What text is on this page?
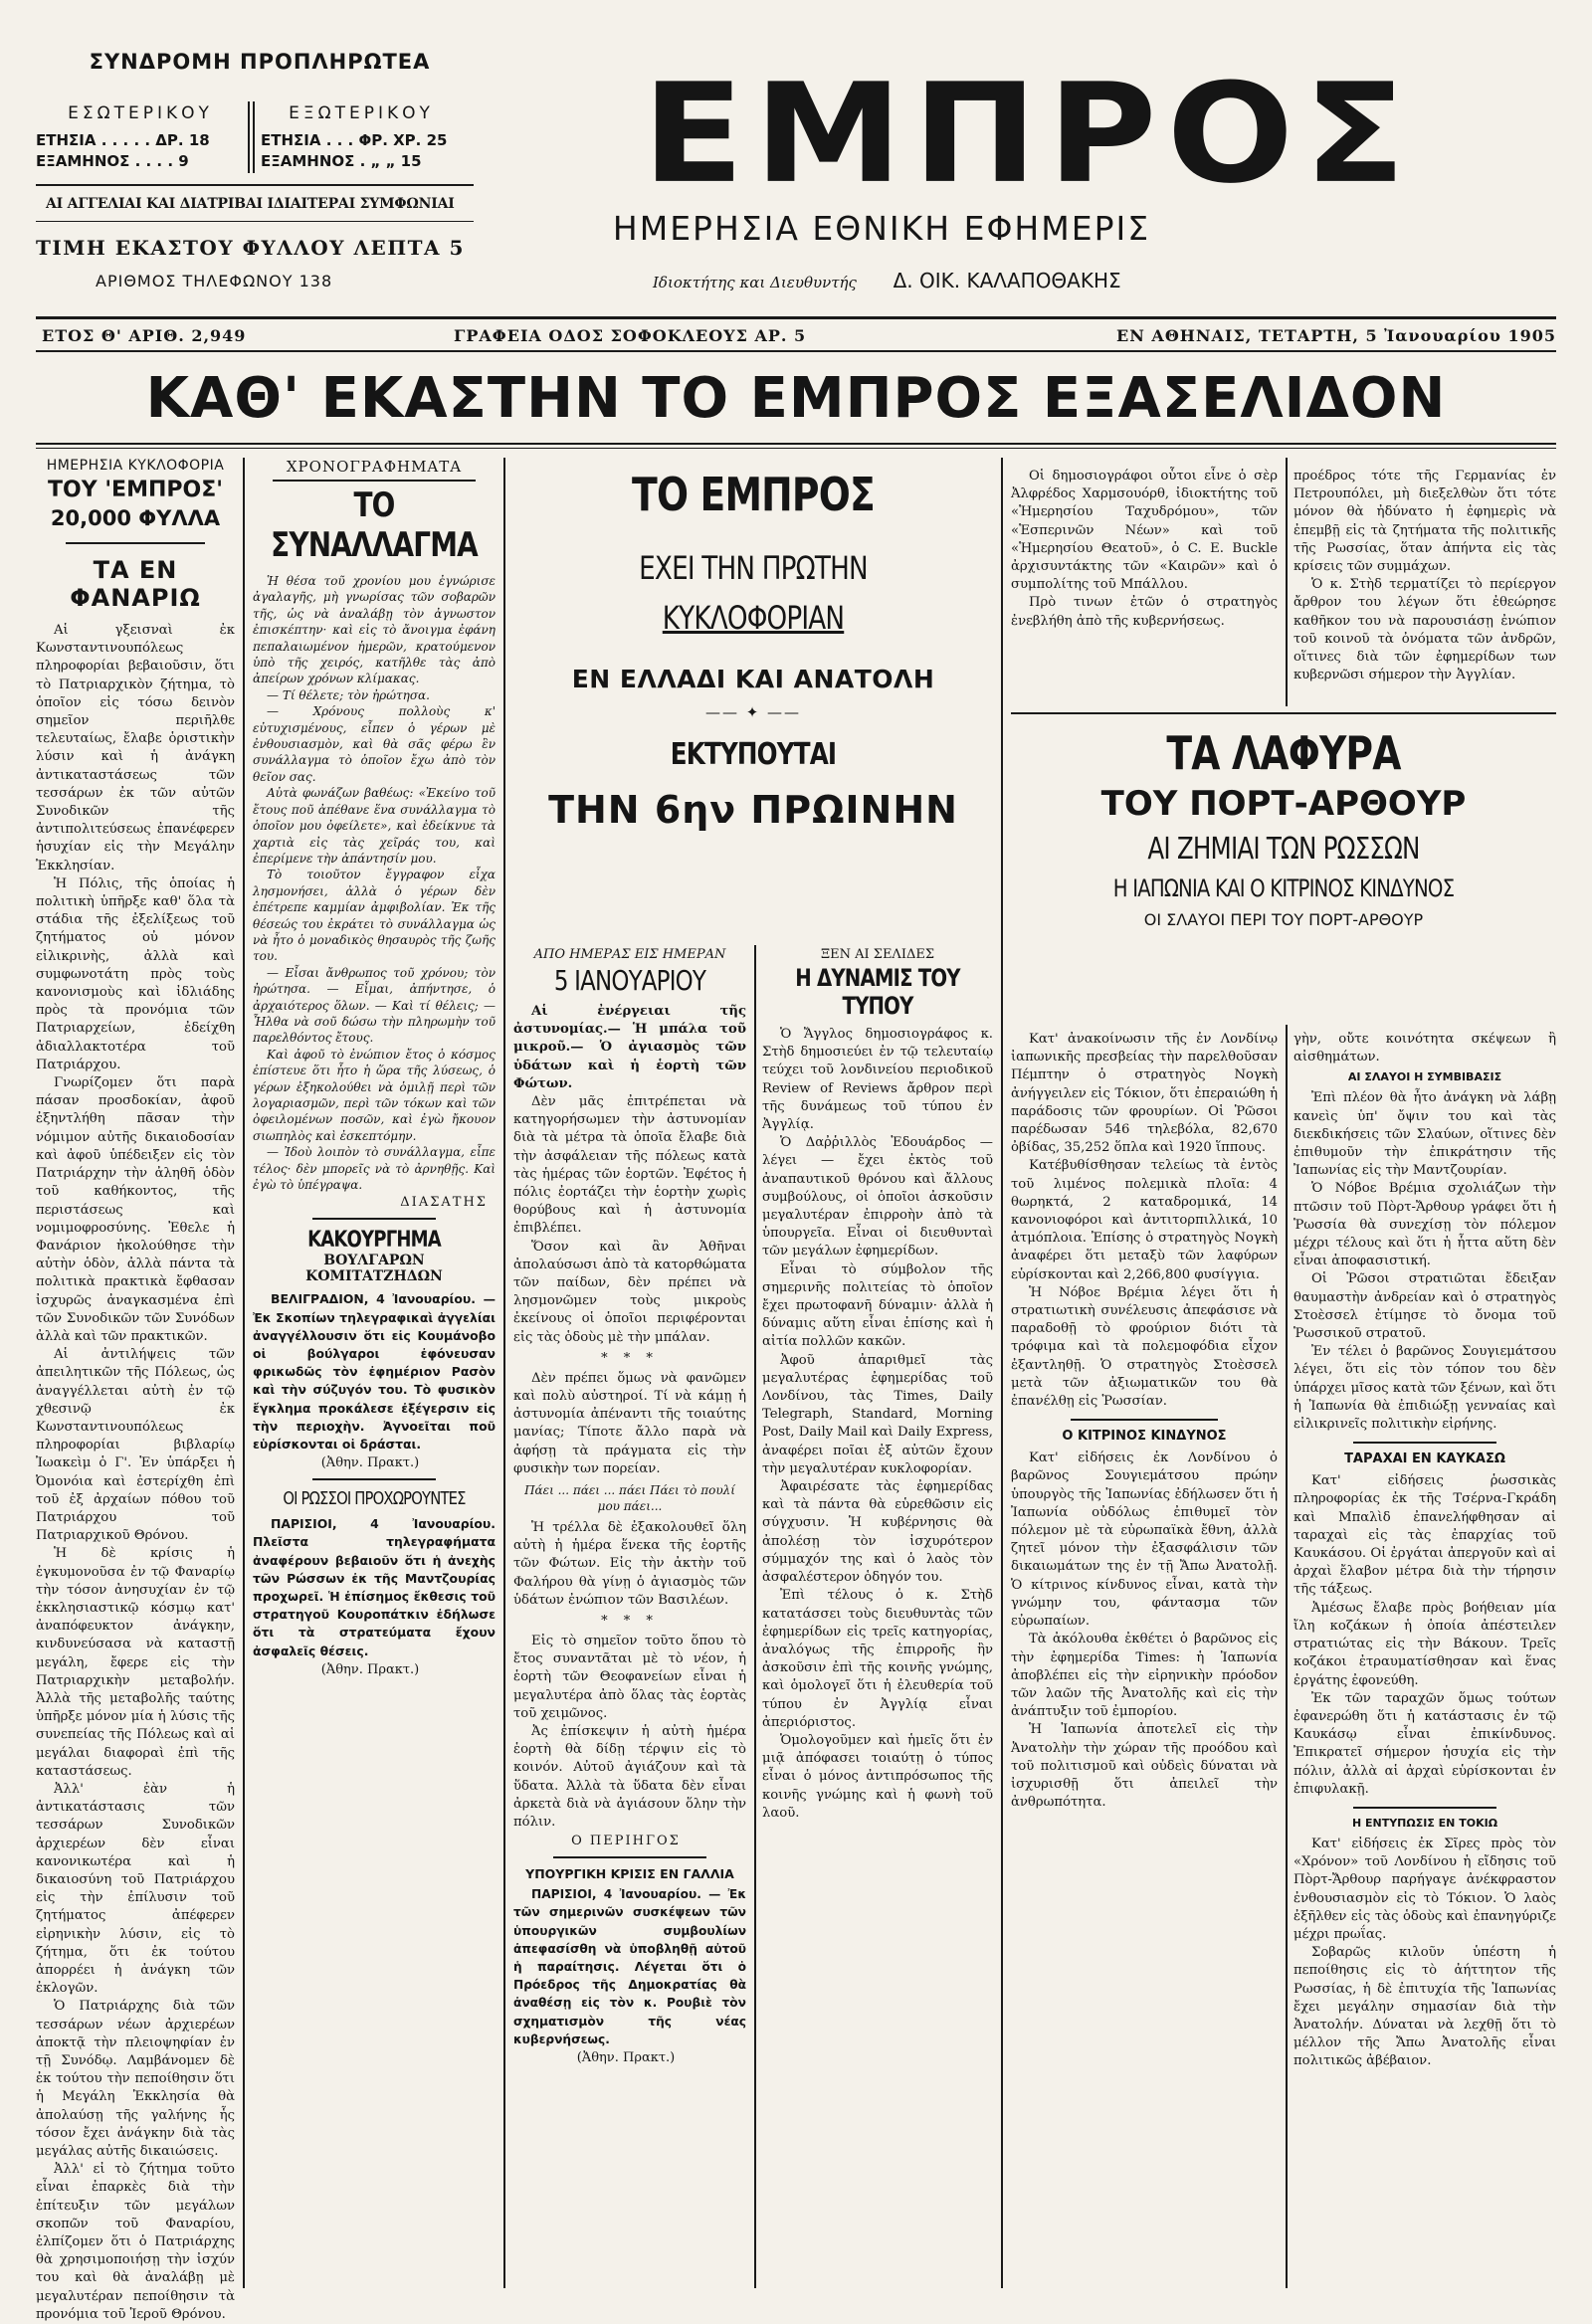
ΣΥΝΔΡΟΜΗ ΠΡΟΠΛΗΡΩΤΕΑ
ΕΣΩΤΕΡΙΚΟΥ	ΕΞΩΤΕΡΙΚΟΥ
ΕΤΗΣΙΑ . . . . . ΔΡ. 18
ΕΞΑΜΗΝΟΣ . . . . 9
ΕΤΗΣΙΑ . . . ΦΡ. ΧΡ. 25
ΕΞΑΜΗΝΟΣ . „ „ 15
ΑΙ ΑΓΓΕΛΙΑΙ ΚΑΙ ΔΙΑΤΡΙΒΑΙ ΙΔΙΑΙΤΕΡΑΙ ΣΥΜΦΩΝΙΑΙ
ΤΙΜΗ ΕΚΑΣΤΟΥ ΦΥΛΛΟΥ ΛΕΠΤΑ 5
ΑΡΙΘΜΟΣ ΤΗΛΕΦΩΝΟΥ 138
ΕΜΠΡΟΣ
ΗΜΕΡΗΣΙΑ ΕΘΝΙΚΗ ΕΦΗΜΕΡΙΣ
Ιδιοκτήτης και Διευθυντής Δ. ΟΙΚ. ΚΑΛΑΠΟΘΑΚΗΣ
ΕΤΟΣ Θ' ΑΡΙΘ. 2,949	ΓΡΑΦΕΙΑ ΟΔΟΣ ΣΟΦΟΚΛΕΟΥΣ ΑΡ. 5	ΕΝ ΑΘΗΝΑΙΣ, ΤΕΤΑΡΤΗ, 5 Ἰανουαρίου 1905
ΚΑΘ' ΕΚΑΣΤΗΝ ΤΟ ΕΜΠΡΟΣ ΕΞΑΣΕΛΙΔΟΝ
ΗΜΕΡΗΣΙΑ ΚΥΚΛΟΦΟΡΙΑ
ΤΟΥ 'ΕΜΠΡΟΣ'
20,000 ΦΥΛΛΑ
ΤΑ ΕΝ ΦΑΝΑΡΙΩ

Αἱ γξεισναὶ ἐκ Κωνσταντινουπόλεως πληροφορίαι βεβαιοῦσιν, ὅτι τὸ Πατριαρχικὸν ζήτημα, τὸ ὁποῖον εἰς τόσω δεινὸν σημεῖον περιῆλθε τελευταίως, ἔλαβε ὁριστικὴν λύσιν καὶ ἡ ἀνάγκη ἀντικαταστάσεως τῶν τεσσάρων ἐκ τῶν αὐτῶν Συνοδικῶν τῆς ἀντιπολιτεύσεως ἐπανέφερεν ἡσυχίαν εἰς τὴν Μεγάλην Ἐκκλησίαν.

Ἡ Πόλις, τῆς ὁποίας ἡ πολιτικὴ ὑπῆρξε καθ' ὅλα τὰ στάδια τῆς ἐξελίξεως τοῦ ζητήματος οὐ μόνον εἰλικρινὴς, ἀλλὰ καὶ συμφωνοτάτη πρὸς τοὺς κανονισμοὺς καὶ ἰδλιάδης πρὸς τὰ προνόμια τῶν Πατριαρχείων, ἐδείχθη ἀδιαλλακτοτέρα τοῦ Πατριάρχου.

Γνωρίζομεν ὅτι παρὰ πάσαν προσδοκίαν, ἀφοῦ ἐξηντλήθη πᾶσαν τὴν νόμιμον αὐτῆς δικαιοδοσίαν καὶ ἀφοῦ ὑπέδειξεν εἰς τὸν Πατριάρχην τὴν ἀληθῆ ὁδὸν τοῦ καθήκοντος, τῆς περιστάσεως καὶ νομιμοφροσύνης. Ἐθελε ἡ Φανάριον ἠκολούθησε τὴν αὐτὴν ὁδὸν, ἀλλὰ πάντα τὰ πολιτικὰ πρακτικὰ ἔφθασαν ἰσχυρῶς ἀναγκασμένα ἐπὶ τῶν Συνοδικῶν τῶν Συνόδων ἀλλὰ καὶ τῶν πρακτικῶν.

Αἱ ἀντιλήψεις τῶν ἀπειλητικῶν τῆς Πόλεως, ὡς ἀναγγέλλεται αὐτὴ ἐν τῷ χθεσινῷ ἐκ Κωνσταντινουπόλεως πληροφορίαι βιβλαρίῳ Ἰωακεὶμ ὁ Γ'. Ἐν ὑπάρξει ἡ Ὀμονόια καὶ ἐστερίχθη ἐπὶ τοῦ ἐξ ἀρχαίων πόθου τοῦ Πατριάρχου τοῦ Πατριαρχικοῦ Θρόνου.

Ἡ δὲ κρίσις ἡ ἐγκυμονοῦσα ἐν τῷ Φαναρίῳ τὴν τόσον ἀνησυχίαν ἐν τῷ ἐκκλησιαστικῷ κόσμῳ κατ' ἀναπόφευκτον ἀνάγκην, κινδυνεύσασα νὰ καταστῇ μεγάλη, ἔφερε εἰς τὴν Πατριαρχικὴν μεταβολήν. Ἀλλὰ τῆς μεταβολῆς ταύτης ὑπῆρξε μόνον μία ἡ λύσις τῆς συνεπείας τῆς Πόλεως καὶ αἱ μεγάλαι διαφοραὶ ἐπὶ τῆς καταστάσεως.

Ἀλλ' ἐὰν ἡ ἀντικατάστασις τῶν τεσσάρων Συνοδικῶν ἀρχιερέων δὲν εἶναι κανονικωτέρα καὶ ἡ δικαιοσύνη τοῦ Πατριάρχου εἰς τὴν ἐπίλυσιν τοῦ ζητήματος ἀπέφερεν εἰρηνικὴν λύσιν, εἰς τὸ ζήτημα, ὅτι ἐκ τούτου ἀπορρέει ἡ ἀνάγκη τῶν ἐκλογῶν.

Ὁ Πατριάρχης διὰ τῶν τεσσάρων νέων ἀρχιερέων ἀποκτᾷ τὴν πλειοψηφίαν ἐν τῇ Συνόδῳ. Λαμβάνομεν δὲ ἐκ τούτου τὴν πεποίθησιν ὅτι ἡ Μεγάλη Ἐκκλησία θὰ ἀπολαύσῃ τῆς γαλήνης ἧς τόσον ἔχει ἀνάγκην διὰ τὰς μεγάλας αὐτῆς δικαιώσεις.

Ἀλλ' εἰ τὸ ζήτημα τοῦτο εἶναι ἐπαρκὲς διὰ τὴν ἐπίτευξιν τῶν μεγάλων σκοπῶν τοῦ Φαναρίου, ἐλπίζομεν ὅτι ὁ Πατριάρχης θὰ χρησιμοποιήσῃ τὴν ἰσχύν του καὶ θὰ ἀναλάβῃ μὲ μεγαλυτέραν πεποίθησιν τὰ προνόμια τοῦ Ἱεροῦ Θρόνου.

ΧΡΟΝΟΓΡΑΦΗΜΑΤΑ
ΤΟ ΣΥΝΑΛΛΑΓΜΑ

Ἡ θέσα τοῦ χρονίου μου ἐγνώρισε ἀγαλαγῆς, μὴ γνωρίσας τῶν σοβαρῶν τῆς, ὡς νὰ ἀναλάβῃ τὸν ἀγνωστον ἐπισκέπτην· καὶ εἰς τὸ ἄνοιγμα ἐφάνη πεπαλαιωμένον ἡμερῶν, κρατούμενον ὑπὸ τῆς χειρός, κατῆλθε τὰς ἀπὸ ἀπείρων χρόνων κλίμακας.

— Τί θέλετε; τὸν ἠρώτησα.

— Χρόνους πολλοὺς κ' εὐτυχισμένους, εἶπεν ὁ γέρων μὲ ἐνθουσιασμὸν, καὶ θὰ σᾶς φέρω ἓν συνάλλαγμα τὸ ὁποῖον ἔχω ἀπὸ τὸν θεῖον σας.

Αὐτὰ φωνάζων βαθέως: «Ἐκείνο τοῦ ἔτους ποῦ ἀπέθανε ἕνα συνάλλαγμα τὸ ὁποῖον μου ὀφείλετε», καὶ ἐδείκνυε τὰ χαρτιὰ εἰς τὰς χεῖράς του, καὶ ἐπερίμενε τὴν ἀπάντησίν μου.

Τὸ τοιοῦτον ἔγγραφον εἶχα λησμονήσει, ἀλλὰ ὁ γέρων δὲν ἐπέτρεπε καμμίαν ἀμφιβολίαν. Ἐκ τῆς θέσεώς του ἐκράτει τὸ συνάλλαγμα ὡς νὰ ἦτο ὁ μοναδικὸς θησαυρὸς τῆς ζωῆς του.

— Εἶσαι ἄνθρωπος τοῦ χρόνου; τὸν ἠρώτησα. — Εἶμαι, ἀπήντησε, ὁ ἀρχαιότερος ὅλων. — Καὶ τί θέλεις; — Ἦλθα νὰ σοῦ δώσω τὴν πληρωμὴν τοῦ παρελθόντος ἔτους.

Καὶ ἀφοῦ τὸ ἐνώπιον ἔτος ὁ κόσμος ἐπίστευε ὅτι ἦτο ἡ ὥρα τῆς λύσεως, ὁ γέρων ἐξηκολούθει νὰ ὁμιλῇ περὶ τῶν λογαριασμῶν, περὶ τῶν τόκων καὶ τῶν ὀφειλομένων ποσῶν, καὶ ἐγὼ ἤκουον σιωπηλὸς καὶ ἐσκεπτόμην.

— Ἰδοὺ λοιπὸν τὸ συνάλλαγμα, εἶπε τέλος· δὲν μπορεῖς νὰ τὸ ἀρνηθῇς. Καὶ ἐγὼ τὸ ὑπέγραψα.

ΔΙΑΣΑΤΗΣ
ΚΑΚΟΥΡΓΗΜΑ
ΒΟΥΛΓΑΡΩΝ ΚΟΜΙΤΑΤΖΗΔΩΝ

ΒΕΛΙΓΡΑΔΙΟΝ, 4 Ἰανουαρίου. — Ἐκ Σκοπίων τηλεγραφικαὶ ἀγγελίαι ἀναγγέλλουσιν ὅτι εἰς Κουμάνοβο οἱ βούλγαροι ἐφόνευσαν φρικωδῶς τὸν ἐφημέριον Ρασὸν καὶ τὴν σύζυγόν του. Τὸ φυσικὸν ἔγκλημα προκάλεσε ἐξέγερσιν εἰς τὴν περιοχὴν. Ἀγνοεῖται ποῦ εὑρίσκονται οἱ δράσται.

(Ἀθην. Πρακτ.)
ΟΙ ΡΩΣΣΟΙ ΠΡΟΧΩΡΟΥΝΤΕΣ

ΠΑΡΙΣΙΟΙ, 4 Ἰανουαρίου. Πλεῖστα τηλεγραφήματα ἀναφέρουν βεβαιοῦν ὅτι ἡ ἀνεχὴς τῶν Ρώσσων ἐκ τῆς Μαντζουρίας προχωρεῖ. Ἡ ἐπίσημος ἔκθεσις τοῦ στρατηγοῦ Κουροπάτκιν ἐδήλωσε ὅτι τὰ στρατεύματα ἔχουν ἀσφαλεῖς θέσεις.

(Ἀθην. Πρακτ.)
ΤΟ ΕΜΠΡΟΣ
ΕΧΕΙ ΤΗΝ ΠΡΩΤΗΝ
ΚΥΚΛΟΦΟΡΙΑΝ
ΕΝ ΕΛΛΑΔΙ ΚΑΙ ΑΝΑΤΟΛΗ
—— ✦ ——
ΕΚΤΥΠΟΥΤΑΙ
ΤΗΝ 6ην ΠΡΩΙΝΗΝ
ΑΠΟ ΗΜΕΡΑΣ ΕΙΣ ΗΜΕΡΑΝ
5 ΙΑΝΟΥΑΡΙΟΥ

Αἱ ἐνέργειαι τῆς ἀστυνομίας.— Ἡ μπάλα τοῦ μικροῦ.— Ὁ ἀγιασμὸς τῶν ὑδάτων καὶ ἡ ἑορτὴ τῶν Φώτων.

Δὲν μᾶς ἐπιτρέπεται νὰ κατηγορήσωμεν τὴν ἀστυνομίαν διὰ τὰ μέτρα τὰ ὁποῖα ἔλαβε διὰ τὴν ἀσφάλειαν τῆς πόλεως κατὰ τὰς ἡμέρας τῶν ἑορτῶν. Ἐφέτος ἡ πόλις ἐορτάζει τὴν ἑορτὴν χωρὶς θορύβους καὶ ἡ ἀστυνομία ἐπιβλέπει.

Ὅσον καὶ ἂν Ἀθῆναι ἀπολαύσωσι ἀπὸ τὰ κατορθώματα τῶν παίδων, δὲν πρέπει νὰ λησμονῶμεν τοὺς μικροὺς ἐκείνους οἱ ὁποῖοι περιφέρονται εἰς τὰς ὁδοὺς μὲ τὴν μπάλαν.

* * *

Δὲν πρέπει ὅμως νὰ φανῶμεν καὶ πολὺ αὐστηροί. Τί νὰ κάμῃ ἡ ἀστυνομία ἀπέναντι τῆς τοιαύτης μανίας; Τίποτε ἄλλο παρὰ νὰ ἀφήσῃ τὰ πράγματα εἰς τὴν φυσικὴν των πορείαν.

Πάει ... πάει ... πάει Πάει τὸ πουλί μου πάει...

Ἡ τρέλλα δὲ ἐξακολουθεῖ ὅλη αὐτὴ ἡ ἡμέρα ἕνεκα τῆς ἑορτῆς τῶν Φώτων. Εἰς τὴν ἀκτὴν τοῦ Φαλήρου θὰ γίνῃ ὁ ἀγιασμὸς τῶν ὑδάτων ἐνώπιον τῶν Βασιλέων.

* * *

Εἰς τὸ σημεῖον τοῦτο ὅπου τὸ ἔτος συναντᾶται μὲ τὸ νέον, ἡ ἑορτὴ τῶν Θεοφανείων εἶναι ἡ μεγαλυτέρα ἀπὸ ὅλας τὰς ἑορτὰς τοῦ χειμῶνος.

Ἀς ἐπίσκεψιν ἡ αὐτὴ ἡμέρα ἑορτὴ θὰ δίδῃ τέρψιν εἰς τὸ κοινόν. Αὐτοῦ ἀγιάζουν καὶ τὰ ὕδατα. Ἀλλὰ τὰ ὕδατα δὲν εἶναι ἀρκετὰ διὰ νὰ ἀγιάσουν ὅλην τὴν πόλιν.

Ο ΠΕΡΙΗΓΟΣ
ΥΠΟΥΡΓΙΚΗ ΚΡΙΣΙΣ ΕΝ ΓΑΛΛΙΑ

ΠΑΡΙΣΙΟΙ, 4 Ἰανουαρίου. — Ἐκ τῶν σημερινῶν συσκέψεων τῶν ὑπουργικῶν συμβουλίων ἀπεφασίσθη νὰ ὑποβληθῇ αὐτοῦ ἡ παραίτησις. Λέγεται ὅτι ὁ Πρόεδρος τῆς Δημοκρατίας θὰ ἀναθέσῃ εἰς τὸν κ. Ρουβιὲ τὸν σχηματισμὸν τῆς νέας κυβερνήσεως.

(Ἀθην. Πρακτ.)
ΞΕΝ ΑΙ ΣΕΛΙΔΕΣ
Η ΔΥΝΑΜΙΣ ΤΟΥ ΤΥΠΟΥ

Ὁ Ἄγγλος δημοσιογράφος κ. Στὴδ δημοσιεύει ἐν τῷ τελευταίῳ τεύχει τοῦ λονδινείου περιοδικοῦ Review of Reviews ἄρθρον περὶ τῆς δυνάμεως τοῦ τύπου ἐν Ἀγγλίᾳ.

Ὁ Δαῤῥιλλὸς Ἐδουάρδος — λέγει — ἔχει ἐκτὸς τοῦ ἀναπαυτικοῦ θρόνου καὶ ἄλλους συμβούλους, οἱ ὁποῖοι ἀσκοῦσιν μεγαλυτέραν ἐπιρροὴν ἀπὸ τὰ ὑπουργεῖα. Εἶναι οἱ διευθυνταὶ τῶν μεγάλων ἐφημερίδων.

Εἶναι τὸ σύμβολον τῆς σημερινῆς πολιτείας τὸ ὁποῖον ἔχει πρωτοφανῆ δύναμιν· ἀλλὰ ἡ δύναμις αὕτη εἶναι ἐπίσης καὶ ἡ αἰτία πολλῶν κακῶν.

Ἀφοῦ ἀπαριθμεῖ τὰς μεγαλυτέρας ἐφημερίδας τοῦ Λονδίνου, τὰς Times, Daily Telegraph, Standard, Morning Post, Daily Mail καὶ Daily Express, ἀναφέρει ποῖαι ἐξ αὐτῶν ἔχουν τὴν μεγαλυτέραν κυκλοφορίαν.

Ἀφαιρέσατε τὰς ἐφημερίδας καὶ τὰ πάντα θὰ εὑρεθῶσιν εἰς σύγχυσιν. Ἡ κυβέρνησις θὰ ἀπολέσῃ τὸν ἰσχυρότερον σύμμαχόν της καὶ ὁ λαὸς τὸν ἀσφαλέστερον ὁδηγόν του.

Ἐπὶ τέλους ὁ κ. Στὴδ κατατάσσει τοὺς διευθυντὰς τῶν ἐφημερίδων εἰς τρεῖς κατηγορίας, ἀναλόγως τῆς ἐπιρροῆς ἣν ἀσκοῦσιν ἐπὶ τῆς κοινῆς γνώμης, καὶ ὁμολογεῖ ὅτι ἡ ἐλευθερία τοῦ τύπου ἐν Ἀγγλίᾳ εἶναι ἀπεριόριστος.

Ὁμολογοῦμεν καὶ ἡμεῖς ὅτι ἐν μιᾷ ἀπόφασει τοιαύτῃ ὁ τύπος εἶναι ὁ μόνος ἀντιπρόσωπος τῆς κοινῆς γνώμης καὶ ἡ φωνὴ τοῦ λαοῦ.

Οἱ δημοσιογράφοι οὗτοι εἶνε ὁ σὲρ Ἀλφρέδος Χαρμσουόρθ, ἰδιοκτήτης τοῦ «Ἡμερησίου Ταχυδρόμου», τῶν «Ἑσπερινῶν Νέων» καὶ τοῦ «Ἡμερησίου Θεατοῦ», ὁ C. E. Buckle ἀρχισυντάκτης τῶν «Καιρῶν» καὶ ὁ συμπολίτης τοῦ Μπάλλου.

Πρὸ τινων ἐτῶν ὁ στρατηγὸς ἐνεβλήθη ἀπὸ τῆς κυβερνήσεως.

προέδρος τότε τῆς Γερμανίας ἐν Πετρουπόλει, μὴ διεξελθὼν ὅτι τότε μόνον θὰ ἠδύνατο ἡ ἐφημερὶς νὰ ἐπεμβῇ εἰς τὰ ζητήματα τῆς πολιτικῆς τῆς Ρωσσίας, ὅταν ἀπήντα εἰς τὰς κρίσεις τῶν συμμάχων.

Ὁ κ. Στὴδ τερματίζει τὸ περίεργον ἄρθρον του λέγων ὅτι ἐθεώρησε καθῆκον του νὰ παρουσιάσῃ ἐνώπιον τοῦ κοινοῦ τὰ ὀνόματα τῶν ἀνδρῶν, οἵτινες διὰ τῶν ἐφημερίδων των κυβερνῶσι σήμερον τὴν Ἀγγλίαν.

ΤΑ ΛΑΦΥΡΑ
ΤΟΥ ΠΟΡΤ-ΑΡΘΟΥΡ
ΑΙ ΖΗΜΙΑΙ ΤΩΝ ΡΩΣΣΩΝ
Η ΙΑΠΩΝΙΑ ΚΑΙ Ο ΚΙΤΡΙΝΟΣ ΚΙΝΔΥΝΟΣ
ΟΙ ΣΛΑΥΟΙ ΠΕΡΙ ΤΟΥ ΠΟΡΤ-ΑΡΘΟΥΡ

Κατ' ἀνακοίνωσιν τῆς ἐν Λονδίνῳ ἰαπωνικῆς πρεσβείας τὴν παρελθοῦσαν Πέμπτην ὁ στρατηγὸς Νογκὴ ἀνήγγειλεν εἰς Τόκιον, ὅτι ἐπεραιώθη ἡ παράδοσις τῶν φρουρίων. Οἱ Ῥῶσοι παρέδωσαν 546 τηλεβόλα, 82,670 ὀβίδας, 35,252 ὅπλα καὶ 1920 ἵππους.

Κατέβυθίσθησαν τελείως τὰ ἐντὸς τοῦ λιμένος πολεμικὰ πλοῖα: 4 θωρηκτά, 2 καταδρομικά, 14 κανονιοφόροι καὶ ἀντιτορπιλλικά, 10 ἀτμόπλοια. Ἐπίσης ὁ στρατηγὸς Νογκὴ ἀναφέρει ὅτι μεταξὺ τῶν λαφύρων εὑρίσκονται καὶ 2,266,800 φυσίγγια.

Ἡ Νόβοε Βρέμια λέγει ὅτι ἡ στρατιωτικὴ συνέλευσις ἀπεφάσισε νὰ παραδοθῇ τὸ φρούριον διότι τὰ τρόφιμα καὶ τὰ πολεμοφόδια εἶχον ἐξαντληθῇ. Ὁ στρατηγὸς Στοὲσσελ μετὰ τῶν ἀξιωματικῶν του θὰ ἐπανέλθῃ εἰς Ῥωσσίαν.

Ο ΚΙΤΡΙΝΟΣ ΚΙΝΔΥΝΟΣ

Κατ' εἰδήσεις ἐκ Λονδίνου ὁ βαρῶνος Σουγιεμάτσου πρώην ὑπουργὸς τῆς Ἰαπωνίας ἐδήλωσεν ὅτι ἡ Ἰαπωνία οὐδόλως ἐπιθυμεῖ τὸν πόλεμον μὲ τὰ εὐρωπαϊκὰ ἔθνη, ἀλλὰ ζητεῖ μόνον τὴν ἐξασφάλισιν τῶν δικαιωμάτων της ἐν τῇ Ἄπω Ἀνατολῇ. Ὁ κίτρινος κίνδυνος εἶναι, κατὰ τὴν γνώμην του, φάντασμα τῶν εὐρωπαίων.

Τὰ ἀκόλουθα ἐκθέτει ὁ βαρῶνος εἰς τὴν ἐφημερίδα Times: ἡ Ἰαπωνία ἀποβλέπει εἰς τὴν εἰρηνικὴν πρόοδον τῶν λαῶν τῆς Ἀνατολῆς καὶ εἰς τὴν ἀνάπτυξιν τοῦ ἐμπορίου.

Ἡ Ἰαπωνία ἀποτελεῖ εἰς τὴν Ἀνατολὴν τὴν χώραν τῆς προόδου καὶ τοῦ πολιτισμοῦ καὶ οὐδεὶς δύναται νὰ ἰσχυρισθῇ ὅτι ἀπειλεῖ τὴν ἀνθρωπότητα.

γὴν, οὔτε κοινότητα σκέψεων ἢ αἰσθημάτων.

ΑΙ ΣΛΑΥΟΙ Η ΣΥΜΒΙΒΑΣΙΣ

Ἐπὶ πλέον θὰ ἦτο ἀνάγκη νὰ λάβῃ κανεὶς ὑπ' ὄψιν του καὶ τὰς διεκδικήσεις τῶν Σλαύων, οἵτινες δὲν ἐπιθυμοῦν τὴν ἐπικράτησιν τῆς Ἰαπωνίας εἰς τὴν Μαντζουρίαν.

Ὁ Νόβοε Βρέμια σχολιάζων τὴν πτῶσιν τοῦ Πὸρτ-Ἄρθουρ γράφει ὅτι ἡ Ῥωσσία θὰ συνεχίσῃ τὸν πόλεμον μέχρι τέλους καὶ ὅτι ἡ ἧττα αὕτη δὲν εἶναι ἀποφασιστική.

Οἱ Ῥῶσοι στρατιῶται ἔδειξαν θαυμαστὴν ἀνδρείαν καὶ ὁ στρατηγὸς Στοὲσσελ ἐτίμησε τὸ ὄνομα τοῦ Ῥωσσικοῦ στρατοῦ.

Ἐν τέλει ὁ βαρῶνος Σουγιεμάτσου λέγει, ὅτι εἰς τὸν τόπον του δὲν ὑπάρχει μῖσος κατὰ τῶν ξένων, καὶ ὅτι ἡ Ἰαπωνία θὰ ἐπιδιώξῃ γενναίας καὶ εἰλικρινεῖς πολιτικὴν εἰρήνης.

ΤΑΡΑΧΑΙ ΕΝ ΚΑΥΚΑΣΩ

Κατ' εἰδήσεις ῥωσσικὰς πληροφορίας ἐκ τῆς Τσέρνα-Γκράδη καὶ Μπαλὶδ ἐπανελήφθησαν αἱ ταραχαὶ εἰς τὰς ἐπαρχίας τοῦ Καυκάσου. Οἱ ἐργάται ἀπεργοῦν καὶ αἱ ἀρχαὶ ἔλαβον μέτρα διὰ τὴν τήρησιν τῆς τάξεως.

Ἀμέσως ἔλαβε πρὸς βοήθειαν μία ἴλη κοζάκων ἡ ὁποία ἀπέστειλεν στρατιώτας εἰς τὴν Βάκουν. Τρεῖς κοζάκοι ἐτραυματίσθησαν καὶ ἕνας ἐργάτης ἐφονεύθη.

Ἐκ τῶν ταραχῶν ὅμως τούτων ἐφανερώθη ὅτι ἡ κατάστασις ἐν τῷ Καυκάσῳ εἶναι ἐπικίνδυνος. Ἐπικρατεῖ σήμερον ἡσυχία εἰς τὴν πόλιν, ἀλλὰ αἱ ἀρχαὶ εὑρίσκονται ἐν ἐπιφυλακῇ.

Η ΕΝΤΥΠΩΣΙΣ ΕΝ ΤΟΚΙΩ

Κατ' εἰδήσεις ἐκ Σῖρες πρὸς τὸν «Χρόνον» τοῦ Λονδίνου ἡ εἴδησις τοῦ Πὸρτ-Ἄρθουρ παρήγαγε ἀνέκφραστον ἐνθουσιασμὸν εἰς τὸ Τόκιον. Ὁ λαὸς ἐξῆλθεν εἰς τὰς ὁδοὺς καὶ ἐπανηγύριζε μέχρι πρωΐας.

Σοβαρῶς κιλοῦν ὑπέστη ἡ πεποίθησις εἰς τὸ ἀήττητον τῆς Ρωσσίας, ἡ δὲ ἐπιτυχία τῆς Ἰαπωνίας ἔχει μεγάλην σημασίαν διὰ τὴν Ἀνατολήν. Δύναται νὰ λεχθῇ ὅτι τὸ μέλλον τῆς Ἄπω Ἀνατολῆς εἶναι πολιτικῶς ἀβέβαιον.
